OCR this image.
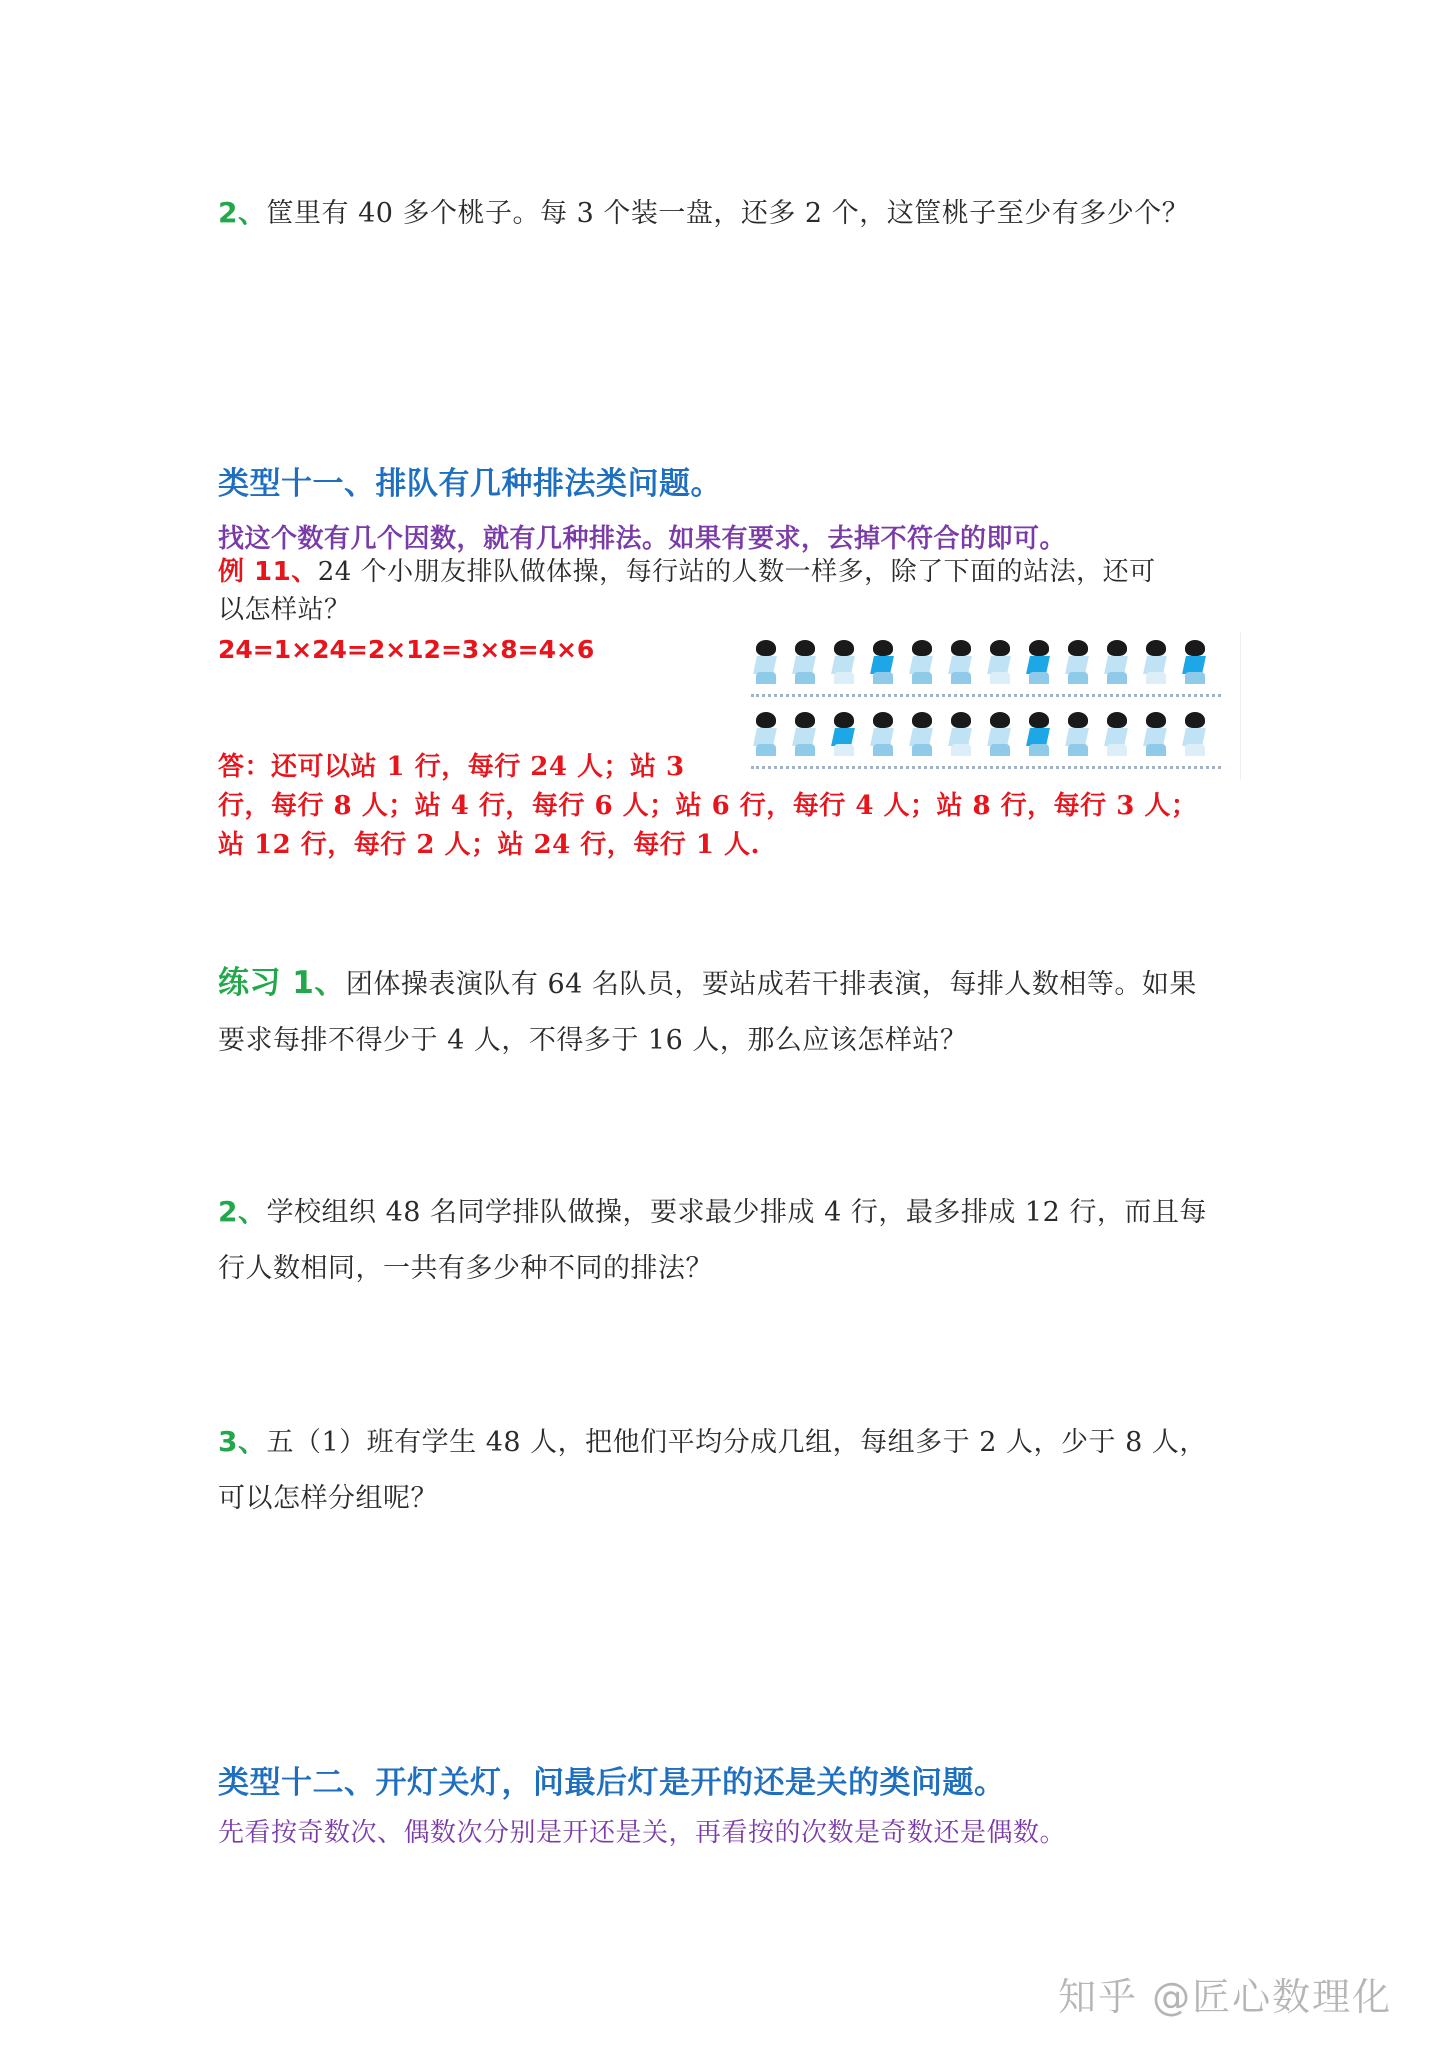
2、筐里有 40 多个桃子。每 3 个装一盘，还多 2 个，这筐桃子至少有多少个？
类型十一、排队有几种排法类问题。
找这个数有几个因数，就有几种排法。如果有要求，去掉不符合的即可。
例 11、24 个小朋友排队做体操，每行站的人数一样多，除了下面的站法，还可
以怎样站？
24=1×24=2×12=3×8=4×6
答：还可以站 1 行，每行 24 人；站 3
行，每行 8 人；站 4 行，每行 6 人；站 6 行，每行 4 人；站 8 行，每行 3 人；
站 12 行，每行 2 人；站 24 行，每行 1 人.
练习 1、团体操表演队有 64 名队员，要站成若干排表演，每排人数相等。如果
要求每排不得少于 4 人，不得多于 16 人，那么应该怎样站？
2、学校组织 48 名同学排队做操，要求最少排成 4 行，最多排成 12 行，而且每
行人数相同，一共有多少种不同的排法？
3、五（1）班有学生 48 人，把他们平均分成几组，每组多于 2 人，少于 8 人，
可以怎样分组呢？
类型十二、开灯关灯，问最后灯是开的还是关的类问题。
先看按奇数次、偶数次分别是开还是关，再看按的次数是奇数还是偶数。
知乎 @匠心数理化
